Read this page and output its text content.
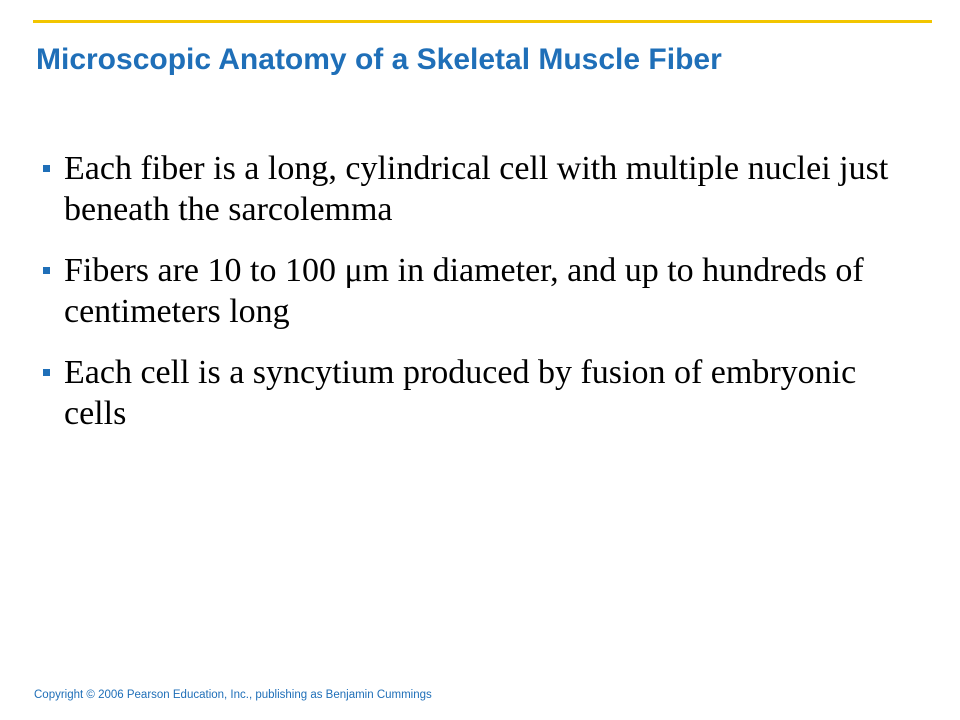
Microscopic Anatomy of a Skeletal Muscle Fiber
Each fiber is a long, cylindrical cell with multiple nuclei just beneath the sarcolemma
Fibers are 10 to 100 μm in diameter, and up to hundreds of centimeters long
Each cell is a syncytium produced by fusion of embryonic cells

Copyright © 2006 Pearson Education, Inc., publishing as Benjamin Cummings
